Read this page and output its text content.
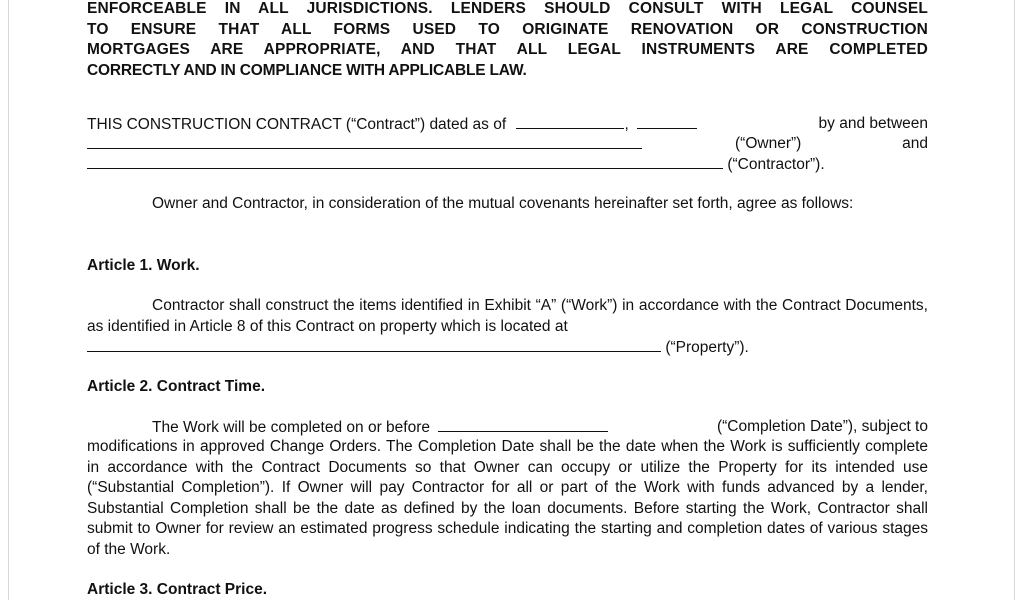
ENFORCEABLE IN ALL JURISDICTIONS. LENDERS SHOULD CONSULT WITH LEGAL COUNSEL

TO ENSURE THAT ALL FORMS USED TO ORIGINATE RENOVATION OR CONSTRUCTION

MORTGAGES ARE APPROPRIATE, AND THAT ALL LEGAL INSTRUMENTS ARE COMPLETED

CORRECTLY AND IN COMPLIANCE WITH APPLICABLE LAW.

THIS CONSTRUCTION CONTRACT (“Contract”) dated as of	,	by and between
(“Owner”)	and
(“Contractor”).

Owner and Contractor, in consideration of the mutual covenants hereinafter set forth, agree as follows:

Article 1. Work.

Contractor shall construct the items identified in Exhibit “A” (“Work”) in accordance with the Contract Documents, as identified in Article 8 of this Contract on property which is located at

(“Property”).
Article 2. Contract Time.
The Work will be completed on or before	(“Completion Date”), subject to

modifications in approved Change Orders. The Completion Date shall be the date when the Work is sufficiently complete in accordance with the Contract Documents so that Owner can occupy or utilize the Property for its intended use (“Substantial Completion”). If Owner will pay Contractor for all or part of the Work with funds advanced by a lender, Substantial Completion shall be the date as defined by the loan documents. Before starting the Work, Contractor shall submit to Owner for review an estimated progress schedule indicating the starting and completion dates of various stages of the Work.

Article 3. Contract Price.
